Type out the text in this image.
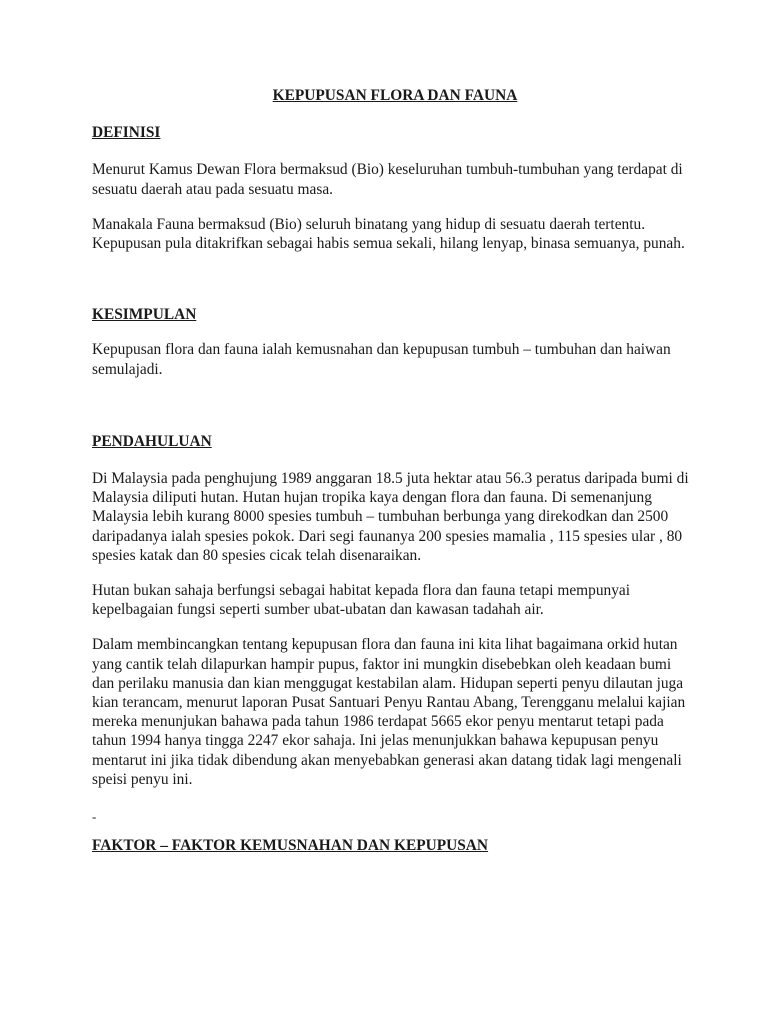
KEPUPUSAN FLORA DAN FAUNA

DEFINISI

Menurut Kamus Dewan Flora bermaksud (Bio) keseluruhan tumbuh-tumbuhan yang terdapat di sesuatu daerah atau pada sesuatu masa.

Manakala Fauna bermaksud (Bio) seluruh binatang yang hidup di sesuatu daerah tertentu. Kepupusan pula ditakrifkan sebagai habis semua sekali, hilang lenyap, binasa semuanya, punah.

KESIMPULAN

Kepupusan flora dan fauna ialah kemusnahan dan kepupusan tumbuh – tumbuhan dan haiwan semulajadi.

PENDAHULUAN

Di Malaysia pada penghujung 1989 anggaran 18.5 juta hektar atau 56.3 peratus daripada bumi di Malaysia diliputi hutan. Hutan hujan tropika kaya dengan flora dan fauna. Di semenanjung Malaysia lebih kurang 8000 spesies tumbuh – tumbuhan berbunga yang direkodkan dan 2500 daripadanya ialah spesies pokok. Dari segi faunanya 200 spesies mamalia , 115 spesies ular , 80 spesies katak dan 80 spesies cicak telah disenaraikan.

Hutan bukan sahaja berfungsi sebagai habitat kepada flora dan fauna tetapi mempunyai kepelbagaian fungsi seperti sumber ubat-ubatan dan kawasan tadahah air.

Dalam membincangkan tentang kepupusan flora dan fauna ini kita lihat bagaimana orkid hutan yang cantik telah dilapurkan hampir pupus, faktor ini mungkin disebebkan oleh keadaan bumi dan perilaku manusia dan kian menggugat kestabilan alam. Hidupan seperti penyu dilautan juga kian terancam, menurut laporan Pusat Santuari Penyu Rantau Abang, Terengganu melalui kajian mereka menunjukan bahawa pada tahun 1986 terdapat 5665 ekor penyu mentarut tetapi pada tahun 1994 hanya tingga 2247 ekor sahaja. Ini jelas menunjukkan bahawa kepupusan penyu mentarut ini jika tidak dibendung akan menyebabkan generasi akan datang tidak lagi mengenali speisi penyu ini.

-

FAKTOR – FAKTOR KEMUSNAHAN DAN KEPUPUSAN
